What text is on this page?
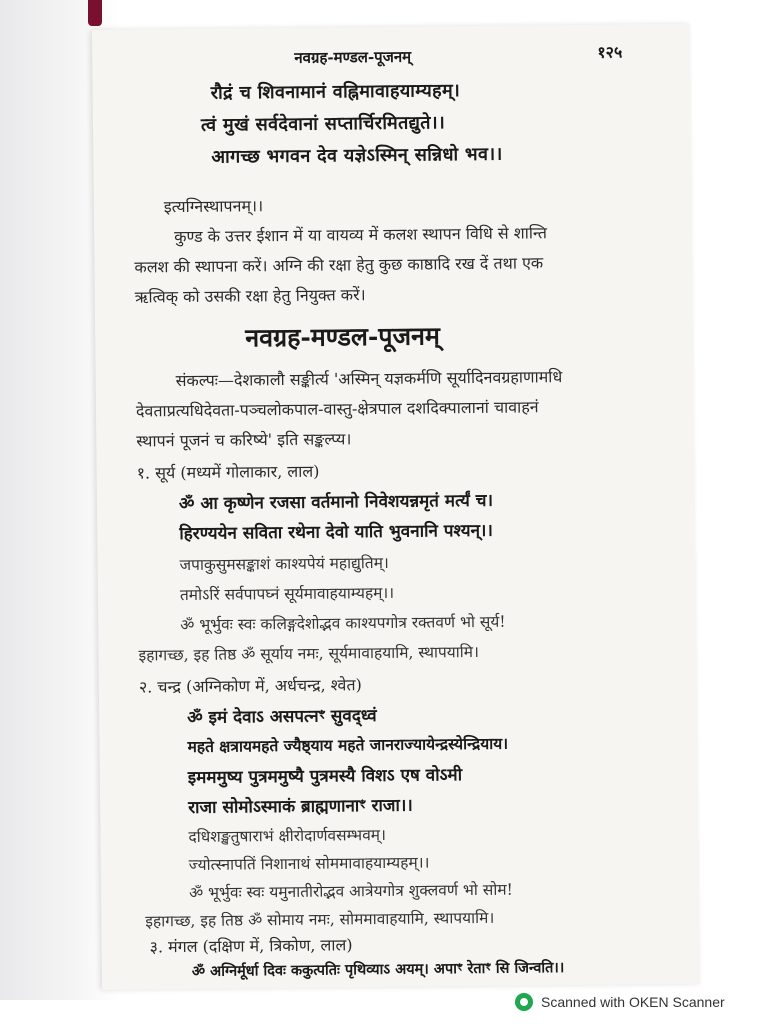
नवग्रह-मण्डल-पूजनम्	१२५
रौद्रं च शिवनामानं वह्निमावाहयाम्यहम्।
त्वं मुखं सर्वदेवानां सप्तार्चिरमितद्युते।।
आगच्छ भगवन देव यज्ञेऽस्मिन् सन्निधो भव।।
इत्यग्निस्थापनम्।।
कुण्ड के उत्तर ईशान में या वायव्य में कलश स्थापन विधि से शान्ति
कलश की स्थापना करें। अग्नि की रक्षा हेतु कुछ काष्ठादि रख दें तथा एक
ऋत्विक् को उसकी रक्षा हेतु नियुक्त करें।
नवग्रह-मण्डल-पूजनम्
संकल्पः—देशकालौ सङ्कीर्त्य 'अस्मिन् यज्ञकर्मणि सूर्यादिनवग्रहाणामधि
देवताप्रत्यधिदेवता-पञ्चलोकपाल-वास्तु-क्षेत्रपाल दशदिक्पालानां चावाहनं
स्थापनं पूजनं च करिष्ये' इति सङ्कल्प्य।
१. सूर्य (मध्यमें गोलाकार, लाल)
ॐ आ कृष्णेन रजसा वर्तमानो निवेशयन्नमृतं मर्त्यं च।
हिरण्ययेन सविता रथेना देवो याति भुवनानि पश्यन्।।
जपाकुसुमसङ्काशं काश्यपेयं महाद्युतिम्।
तमोऽरिं सर्वपापघ्नं सूर्यमावाहयाम्यहम्।।
ॐ भूर्भुवः स्वः कलिङ्गदेशोद्भव काश्यपगोत्र रक्तवर्ण भो सूर्य!
इहागच्छ, इह तिष्ठ ॐ सूर्याय नमः, सूर्यमावाहयामि, स्थापयामि।
२. चन्द्र (अग्निकोण में, अर्धचन्द्र, श्वेत)
ॐ इमं देवाऽ असपत्नꣳ सुवद्ध्वं
महते क्षत्रायमहते ज्यैष्ठ्याय महते जानराज्यायेन्द्रस्येन्द्रियाय।
इमममुष्य पुत्रममुष्यै पुत्रमस्यै विशऽ एष वोऽमी
राजा सोमोऽस्माकं ब्राह्मणानाꣳ राजा।।
दधिशङ्खतुषाराभं क्षीरोदार्णवसम्भवम्।
ज्योत्स्नापतिं निशानाथं सोममावाहयाम्यहम्।।
ॐ भूर्भुवः स्वः यमुनातीरोद्भव आत्रेयगोत्र शुक्लवर्ण भो सोम!
इहागच्छ, इह तिष्ठ ॐ सोमाय नमः, सोममावाहयामि, स्थापयामि।
३. मंगल (दक्षिण में, त्रिकोण, लाल)
ॐ अग्निर्मूर्धा दिवः ककुत्पतिः पृथिव्याऽ अयम्। अपाꣳ रेताꣳ सि जिन्वति।।
Scanned with OKEN Scanner
